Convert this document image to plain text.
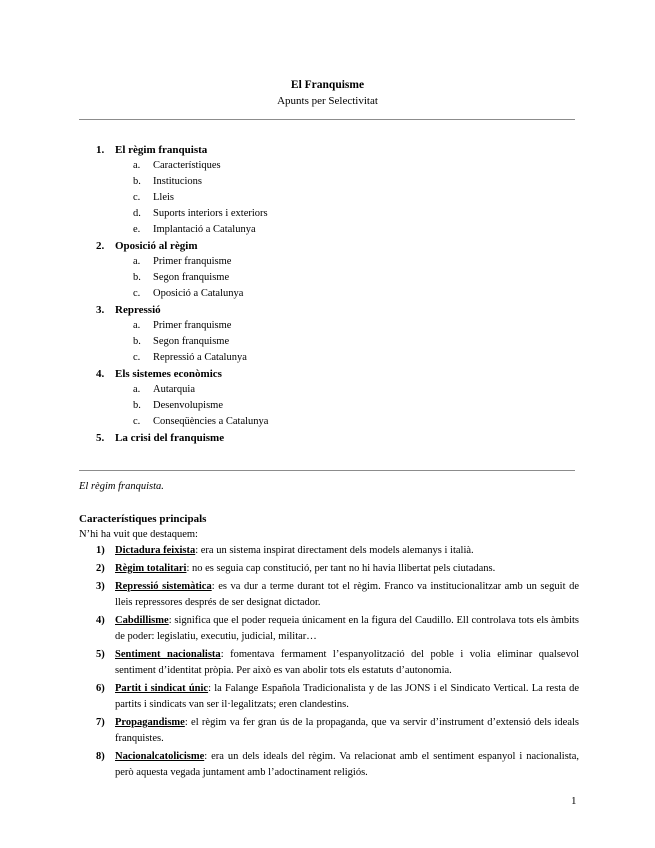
El Franquisme
Apunts per Selectivitat
1. El règim franquista
a. Característiques
b. Institucions
c. Lleis
d. Suports interiors i exteriors
e. Implantació a Catalunya
2. Oposició al règim
a. Primer franquisme
b. Segon franquisme
c. Oposició a Catalunya
3. Repressió
a. Primer franquisme
b. Segon franquisme
c. Repressió a Catalunya
4. Els sistemes econòmics
a. Autarquia
b. Desenvolupisme
c. Conseqüències a Catalunya
5. La crisi del franquisme
El règim franquista.
Característiques principals
N’hi ha vuit que destaquem:
1) Dictadura feixista: era un sistema inspirat directament dels models alemanys i italià.
2) Règim totalitari: no es seguia cap constitució, per tant no hi havia llibertat pels ciutadans.
3) Repressió sistemàtica: es va dur a terme durant tot el règim. Franco va institucionalitzar amb un seguit de lleis repressores després de ser designat dictador.
4) Cabdillisme: significa que el poder requeia únicament en la figura del Caudillo. Ell controlava tots els àmbits de poder: legislatiu, executiu, judicial, militar…
5) Sentiment nacionalista: fomentava fermament l’espanyolització del poble i volia eliminar qualsevol sentiment d’identitat pròpia. Per això es van abolir tots els estatuts d’autonomia.
6) Partit i sindicat únic: la Falange Española Tradicionalista y de las JONS i el Sindicato Vertical. La resta de partits i sindicats van ser il·legalitzats; eren clandestins.
7) Propagandisme: el règim va fer gran ús de la propaganda, que va servir d’instrument d’extensió dels ideals franquistes.
8) Nacionalcatolicisme: era un dels ideals del règim. Va relacionat amb el sentiment espanyol i nacionalista, però aquesta vegada juntament amb l’adoctinament religiós.
1
